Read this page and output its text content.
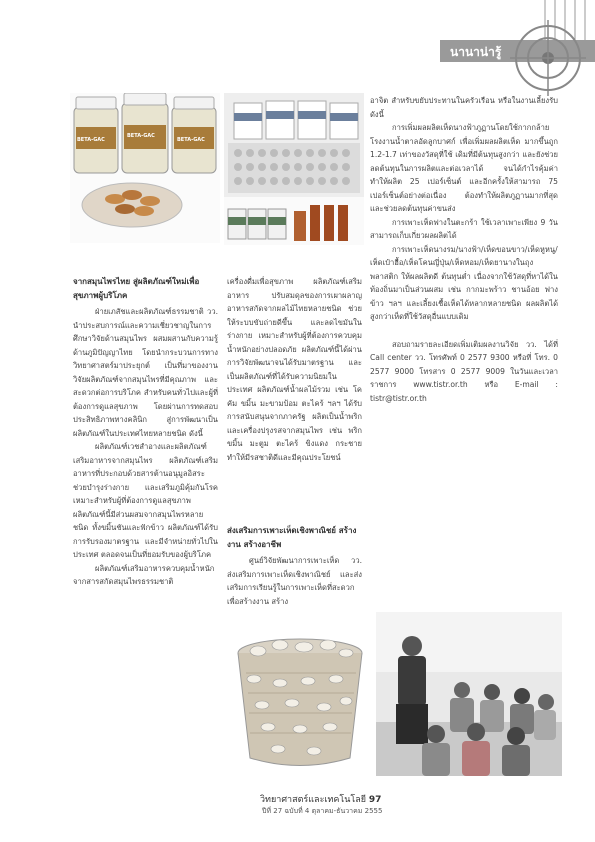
นานาน่ารู้
BETA-GAC
BETA-GAC
BETA-GAC

อาจิต สำหรับขยับประทานในครัวเรือน หรือในงานเลี้ยงรับ ดังนี้

การเพิ่มผลผลิตเห็ดนางฟ้าภูฏานโดยใช้กากกล้ายโรงงานน้ำตาลอัดลูกบาศก์ เพื่อเพิ่มผลผลิตเห็ด มากขึ้นถูก 1.2-1.7 เท่าของวัสดุที่ใช้ เดิมที่มีต้นทุนสูงกว่า และยังช่วยลดต้นทุนในการผลิตและต่อเวลาได้ จนได้กำไรคุ้มค่า ทำให้ผลิต 25 เปอร์เซ็นต์ และอีกครั้งให้สามารถ 75 เปอร์เซ็นต์อย่างต่อเนื่อง ต้องทำให้ผลิตภูฏานมากที่สุด และช่วยลดต้นทุนค่าขนส่ง

การเพาะเห็ดฟางในตะกร้า ใช้เวลาเพาะเพียง 9 วัน สามารถเก็บเกี่ยวผลผลิตได้

การเพาะเห็ดนางรม/นางฟ้า/เห็ดขอนขาว/เห็ดหูหนู/เห็ดเป๋าฮื้อ/เห็ดโคนญี่ปุ่น/เห็ดหอม/เห็ดยานางในถุงพลาสติก ให้ผลผลิตดี ต้นทุนต่ำ เนื่องจากใช้วัสดุที่หาได้ในท้องถิ่นมาเป็นส่วนผสม เช่น กากมะพร้าว ชานอ้อย ฟางข้าว ฯลฯ และเลี้ยงเชื้อเห็ดได้หลากหลายชนิด ผลผลิตได้สูงกว่าเห็ดที่ใช้วัสดุอื่นแบบเดิม

สอบถามรายละเอียดเพิ่มเติมผลงานวิจัย วว. ได้ที่ Call center วว. โทรศัพท์ 0 2577 9300 หรือที่ โทร. 0 2577 9000 โทรสาร 0 2577 9009 ในวันและเวลาราชการ www.tistr.or.th หรือ E-mail : tistr@tistr.or.th

จากสมุนไพรไทย สู่ผลิตภัณฑ์ใหม่เพื่อสุขภาพผู้บริโภค

ฝ่ายเภสัชและผลิตภัณฑ์ธรรมชาติ วว. นำประสบการณ์และความเชี่ยวชาญในการศึกษาวิจัยด้านสมุนไพร ผสมผสานกับความรู้ด้านภูมิปัญญาไทย โดยนำกระบวนการทางวิทยาศาสตร์มาประยุกต์ เป็นที่มาของงานวิจัยผลิตภัณฑ์จากสมุนไพรที่มีคุณภาพ และสะดวกต่อการบริโภค สำหรับคนทั่วไปและผู้ที่ต้องการดูแลสุขภาพ โดยผ่านการทดสอบประสิทธิภาพทางคลินิก สู่การพัฒนาเป็นผลิตภัณฑ์ในประเทศไทยหลายชนิด ดังนี้

ผลิตภัณฑ์เวชสำอางและผลิตภัณฑ์เสริมอาหารจากสมุนไพร ผลิตภัณฑ์เสริมอาหารที่ประกอบด้วยสารต้านอนุมูลอิสระ ช่วยบำรุงร่างกาย และเสริมภูมิคุ้มกันโรค เหมาะสำหรับผู้ที่ต้องการดูแลสุขภาพ ผลิตภัณฑ์นี้มีส่วนผสมจากสมุนไพรหลายชนิด ทั้งขมิ้นชันและฟักข้าว ผลิตภัณฑ์ได้รับการรับรองมาตรฐาน และมีจำหน่ายทั่วไปในประเทศ ตลอดจนเป็นที่ยอมรับของผู้บริโภค

ผลิตภัณฑ์เสริมอาหารควบคุมน้ำหนักจากสารสกัดสมุนไพรธรรมชาติ

เครื่องดื่มเพื่อสุขภาพ ผลิตภัณฑ์เสริมอาหาร ปรับสมดุลของการเผาผลาญอาหารสกัดจากผลไม้ไทยหลายชนิด ช่วยให้ระบบขับถ่ายดีขึ้น และลดไขมันในร่างกาย เหมาะสำหรับผู้ที่ต้องการควบคุมน้ำหนักอย่างปลอดภัย ผลิตภัณฑ์นี้ได้ผ่านการวิจัยพัฒนาจนได้รับมาตรฐาน และเป็นผลิตภัณฑ์ที่ได้รับความนิยมในประเทศ ผลิตภัณฑ์น้ำผลไม้รวม เช่น โคคัม ขมิ้น มะขามป้อม ตะไคร้ ฯลฯ ได้รับการสนับสนุนจากภาครัฐ ผลิตเป็นน้ำพริกและเครื่องปรุงรสจากสมุนไพร เช่น พริก ขมิ้น มะตูม ตะไคร้ ขิงแดง กระชาย ทำให้มีรสชาติดีและมีคุณประโยชน์

ส่งเสริมการเพาะเห็ดเชิงพาณิชย์ สร้างงาน สร้างอาชีพ

ศูนย์วิจัยพัฒนาการเพาะเห็ด วว. ส่งเสริมการเพาะเห็ดเชิงพาณิชย์ และส่งเสริมการเรียนรู้ในการเพาะเห็ดที่สะดวก เพื่อสร้างงาน สร้าง

วิทยาศาสตร์และเทคโนโลยี 97
ปีที่ 27 ฉบับที่ 4 ตุลาคม-ธันวาคม 2555
